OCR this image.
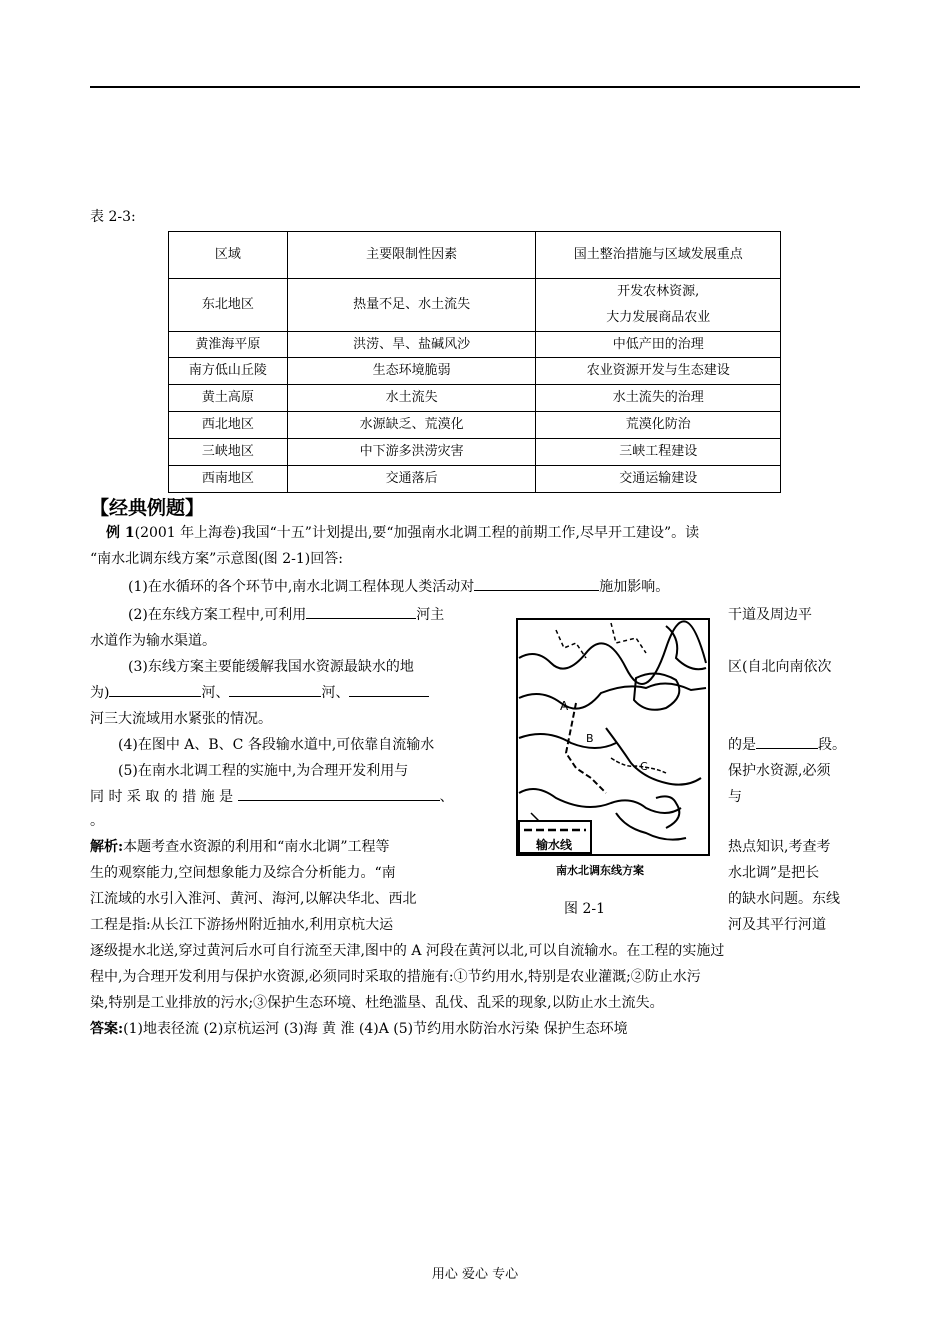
表 2-3:
区域	主要限制性因素	国土整治措施与区域发展重点
东北地区	热量不足、水土流失	开发农林资源,
大力发展商品农业

黄淮海平原	洪涝、旱、盐碱风沙	中低产田的治理
南方低山丘陵	生态环境脆弱	农业资源开发与生态建设
黄土高原	水土流失	水土流失的治理
西北地区	水源缺乏、荒漠化	荒漠化防治
三峡地区	中下游多洪涝灾害	三峡工程建设
西南地区	交通落后	交通运输建设
【经典例题】
例 1(2001 年上海卷)我国“十五”计划提出,要“加强南水北调工程的前期工作,尽早开工建设”。读
“南水北调东线方案”示意图(图 2-1)回答:
(1)在水循环的各个环节中,南水北调工程体现人类活动对	施加影响。
(2)在东线方案工程中,可利用	河主	干道及周边平
水道作为输水渠道。
(3)东线方案主要能缓解我国水资源最缺水的地	区(自北向南依次
为)	河、	河、
河三大流域用水紧张的情况。
(4)在图中 A、B、C 各段输水道中,可依靠自流输水	的是	段。
(5)在南水北调工程的实施中,为合理开发利用与	保护水资源,必须
同 时 采 取 的 措 施 是	、	与
。
解析:本题考查水资源的利用和“南水北调”工程等	热点知识,考查考
生的观察能力,空间想象能力及综合分析能力。“南	水北调”是把长
江流域的水引入淮河、黄河、海河,以解决华北、西北	的缺水问题。东线
工程是指:从长江下游扬州附近抽水,利用京杭大运	河及其平行河道
逐级提水北送,穿过黄河后水可自行流至天津,图中的 A 河段在黄河以北,可以自流输水。在工程的实施过
程中,为合理开发利用与保护水资源,必须同时采取的措施有:①节约用水,特别是农业灌溉;②防止水污
染,特别是工业排放的污水;③保护生态环境、杜绝滥垦、乱伐、乱采的现象,以防止水土流失。
答案:(1)地表径流 (2)京杭运河 (3)海 黄 淮 (4)A (5)节约用水防治水污染 保护生态环境
A
B
C
输水线
南水北调东线方案
图 2-1
用心 爱心 专心
